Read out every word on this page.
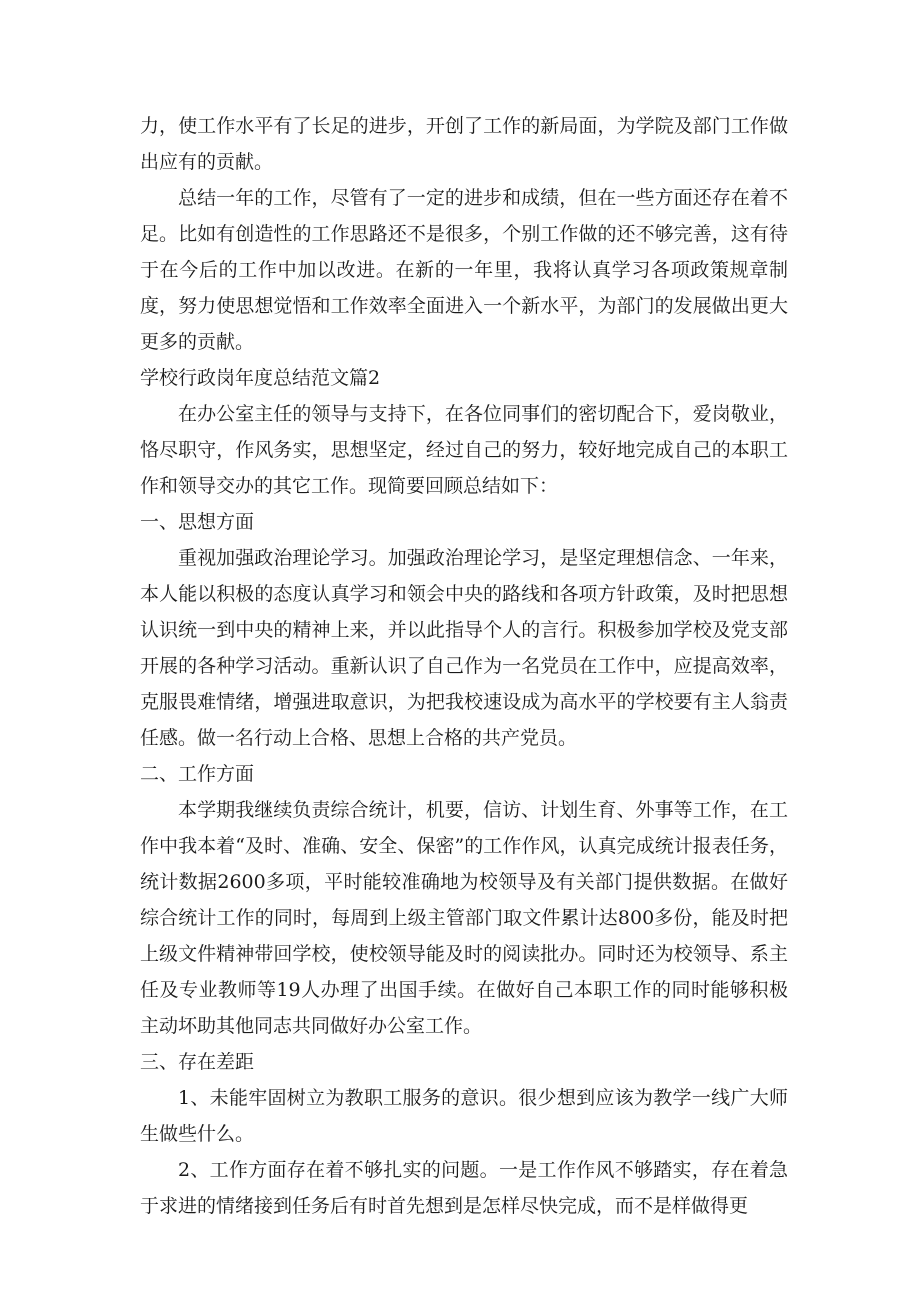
力，使工作水平有了长足的进步，开创了工作的新局面，为学院及部门工作做出应有的贡献。

总结一年的工作，尽管有了一定的进步和成绩，但在一些方面还存在着不足。比如有创造性的工作思路还不是很多，个别工作做的还不够完善，这有待于在今后的工作中加以改进。在新的一年里，我将认真学习各项政策规章制度，努力使思想觉悟和工作效率全面进入一个新水平，为部门的发展做出更大更多的贡献。

学校行政岗年度总结范文篇2

在办公室主任的领导与支持下，在各位同事们的密切配合下，爱岗敬业，恪尽职守，作风务实，思想坚定，经过自己的努力，较好地完成自己的本职工作和领导交办的其它工作。现简要回顾总结如下：

一、思想方面

重视加强政治理论学习。加强政治理论学习，是坚定理想信念、一年来，本人能以积极的态度认真学习和领会中央的路线和各项方针政策，及时把思想认识统一到中央的精神上来，并以此指导个人的言行。积极参加学校及党支部开展的各种学习活动。重新认识了自己作为一名党员在工作中，应提高效率，克服畏难情绪，增强进取意识，为把我校速设成为高水平的学校要有主人翁责任感。做一名行动上合格、思想上合格的共产党员。

二、工作方面

本学期我继续负责综合统计，机要，信访、计划生育、外事等工作，在工作中我本着“及时、准确、安全、保密”的工作作风，认真完成统计报表任务，统计数据2600多项，平时能较准确地为校领导及有关部门提供数据。在做好综合统计工作的同时，每周到上级主管部门取文件累计达800多份，能及时把上级文件精神带回学校，使校领导能及时的阅读批办。同时还为校领导、系主任及专业教师等19人办理了出国手续。在做好自己本职工作的同时能够积极主动坏助其他同志共同做好办公室工作。

三、存在差距

1、未能牢固树立为教职工服务的意识。很少想到应该为教学一线广大师生做些什么。

2、工作方面存在着不够扎实的问题。一是工作作风不够踏实，存在着急于求进的情绪接到任务后有时首先想到是怎样尽快完成，而不是样做得更
